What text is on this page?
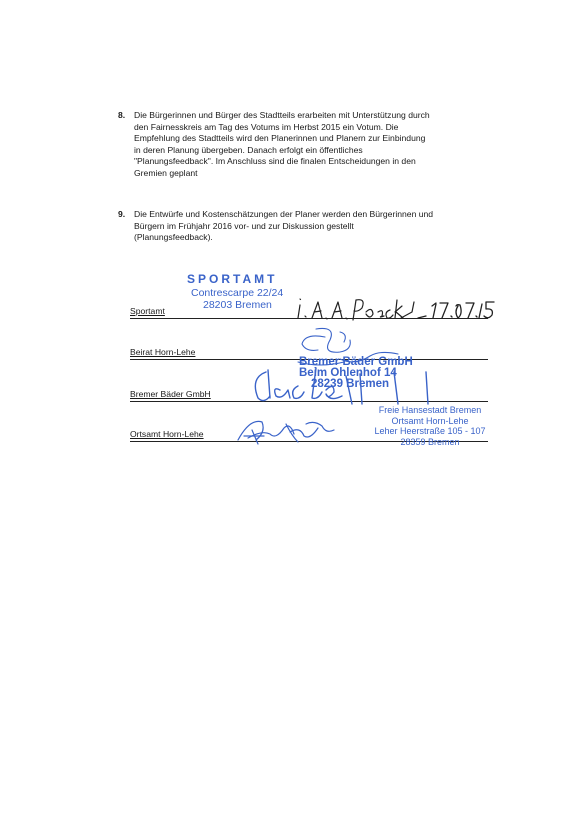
8. Die Bürgerinnen und Bürger des Stadtteils erarbeiten mit Unterstützung durch
den Fairnesskreis am Tag des Votums im Herbst 2015 ein Votum. Die
Empfehlung des Stadtteils wird den Planerinnen und Planern zur Einbindung
in deren Planung übergeben. Danach erfolgt ein öffentliches
"Planungsfeedback". Im Anschluss sind die finalen Entscheidungen in den
Gremien geplant
9. Die Entwürfe und Kostenschätzungen der Planer werden den Bürgerinnen und
Bürgern im Frühjahr 2016 vor- und zur Diskussion gestellt
(Planungsfeedback).
Sportamt
Beirat Horn-Lehe
Bremer Bäder GmbH
Ortsamt Horn-Lehe
SPORTAMT
Contrescarpe 22/24
28203 Bremen
Bremer Bäder GmbH
Beim Ohlenhof 14
28239 Bremen
Freie Hansestadt Bremen
Ortsamt Horn-Lehe
Leher Heerstraße 105 - 107
28359 Bremen
